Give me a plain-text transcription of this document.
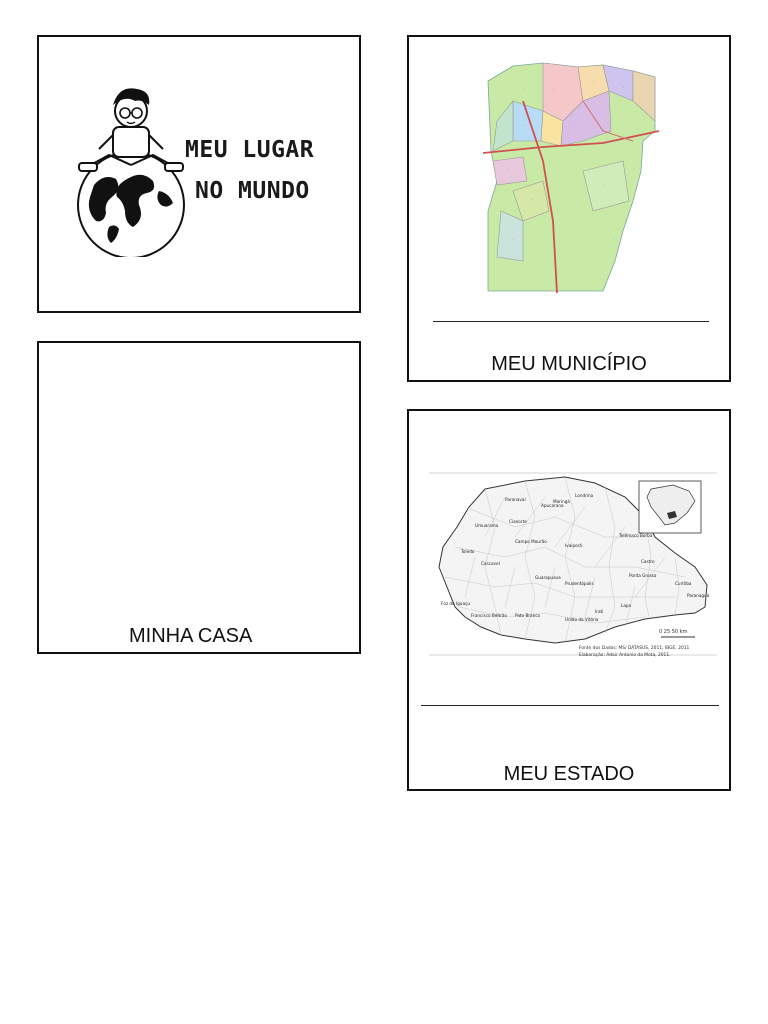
MEU LUGAR
NO MUNDO
MINHA CASA
·	·
·
·
·	·
·
·
·
·
·
MEU MUNICÍPIO
0 25 50 km
Fonte dos Dados: MS/ DATASUS, 2011; IBGE, 2011
Elaboração: Adair Antonio da Mota, 2011.
Paranavaí
Londrina
Maringá
Apucarana
Umuarama
Cianorte
Campo Mourão
Ivaiporã
Telêmaco Borba
Castro
Ponta Grossa
Curitiba
Paranaguá
Guarapuava
Cascavel
Toledo
Foz do Iguaçu
Francisco Beltrão Pato Branco
União da Vitória
Irati
Lapa
Prudentópolis
MEU ESTADO
